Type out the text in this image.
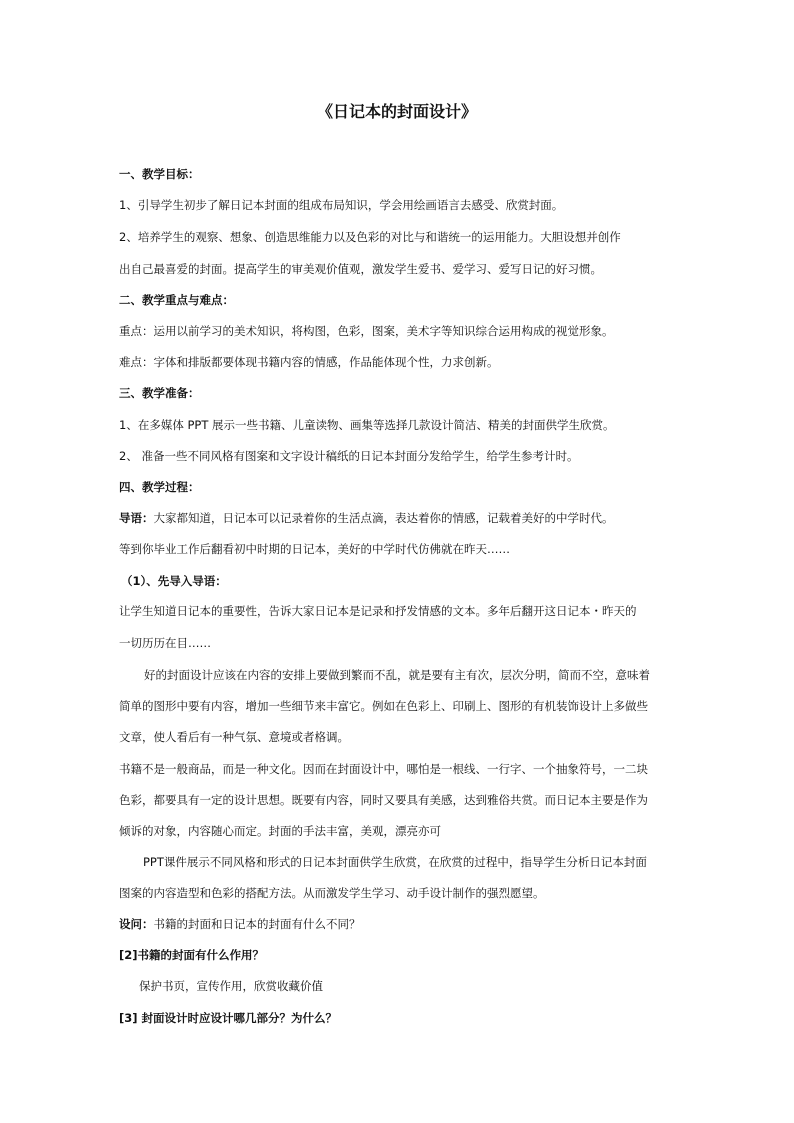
《日记本的封面设计》
一、教学目标：
1、引导学生初步了解日记本封面的组成布局知识，学会用绘画语言去感受、欣赏封面。
2、培养学生的观察、想象、创造思维能力以及色彩的对比与和谐统一的运用能力。大胆设想并创作
出自己最喜爱的封面。提高学生的审美观价值观，激发学生爱书、爱学习、爱写日记的好习惯。
二、教学重点与难点：
重点：运用以前学习的美术知识，将构图，色彩，图案，美术字等知识综合运用构成的视觉形象。
难点：字体和排版都要体现书籍内容的情感，作品能体现个性，力求创新。
三、教学准备：
1、在多媒体 PPT 展示一些书籍、儿童读物、画集等选择几款设计简洁、精美的封面供学生欣赏。
2、 准备一些不同风格有图案和文字设计稿纸的日记本封面分发给学生，给学生参考计时。
四、教学过程：
导语：大家都知道，日记本可以记录着你的生活点滴，表达着你的情感，记载着美好的中学时代。
等到你毕业工作后翻看初中时期的日记本，美好的中学时代仿佛就在昨天……
（1）、先导入导语：
让学生知道日记本的重要性，告诉大家日记本是记录和抒发情感的文本。多年后翻开这日记本・昨天的
一切历历在目……
好的封面设计应该在内容的安排上要做到繁而不乱，就是要有主有次，层次分明，简而不空，意味着
简单的图形中要有内容，增加一些细节来丰富它。例如在色彩上、印刷上、图形的有机装饰设计上多做些
文章，使人看后有一种气氛、意境或者格调。
书籍不是一般商品，而是一种文化。因而在封面设计中，哪怕是一根线、一行字、一个抽象符号，一二块
色彩，都要具有一定的设计思想。既要有内容，同时又要具有美感，达到雅俗共赏。而日记本主要是作为
倾诉的对象，内容随心而定。封面的手法丰富，美观，漂亮亦可
PPT课件展示不同风格和形式的日记本封面供学生欣赏，在欣赏的过程中，指导学生分析日记本封面
图案的内容造型和色彩的搭配方法。从而激发学生学习、动手设计制作的强烈愿望。
设问：书籍的封面和日记本的封面有什么不同？
[2]书籍的封面有什么作用？
保护书页，宣传作用，欣赏收藏价值
[3] 封面设计时应设计哪几部分？为什么？
